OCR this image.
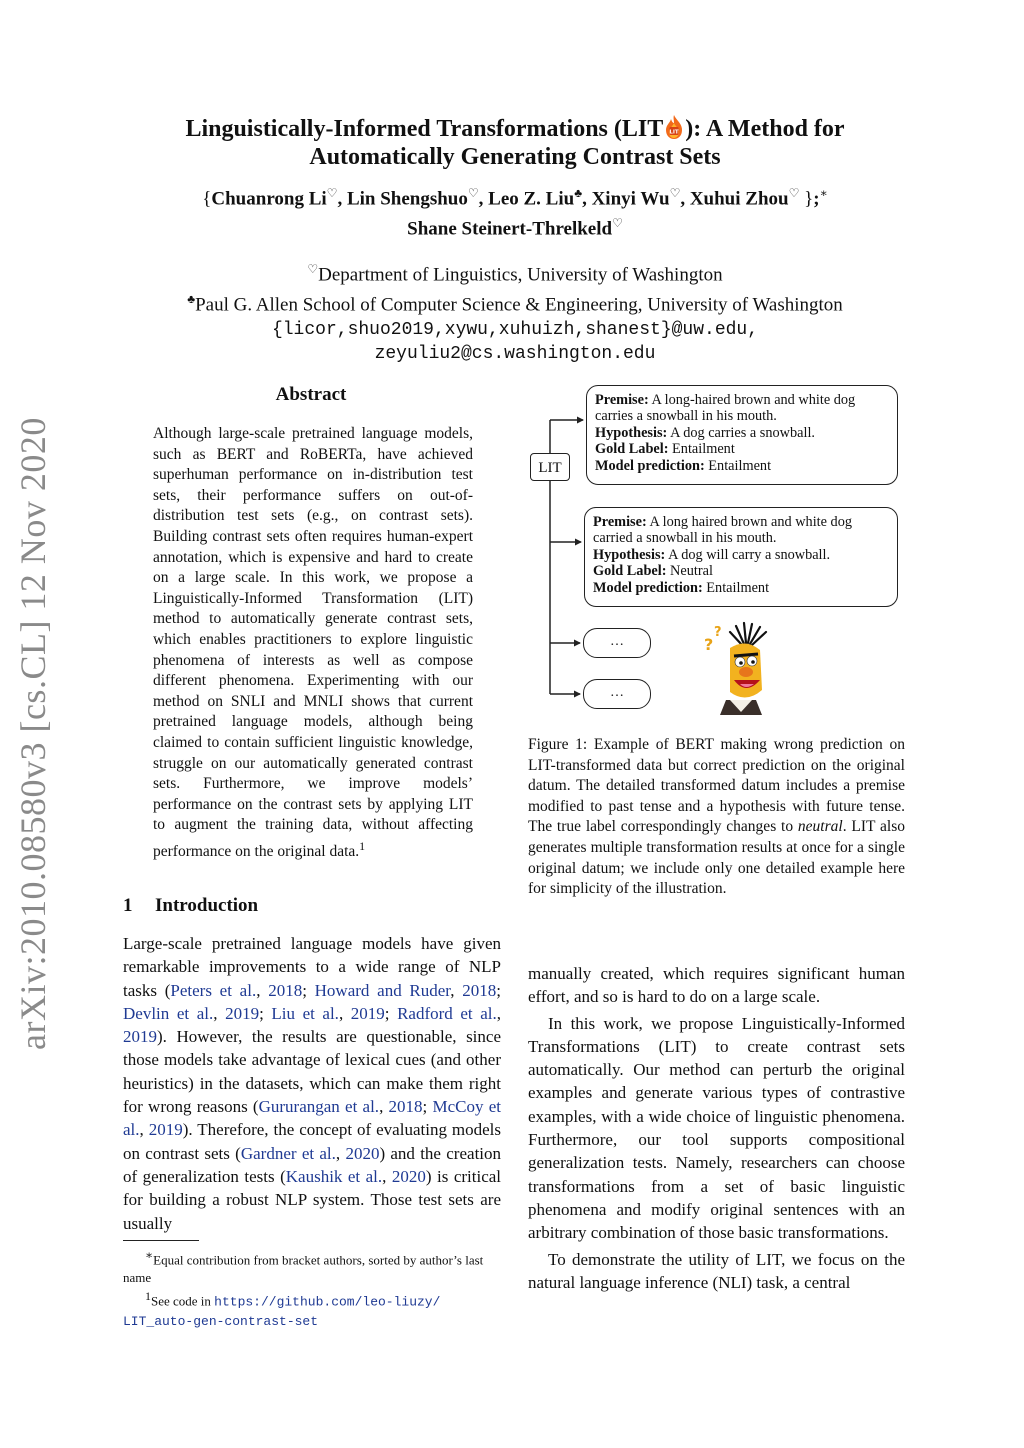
arXiv:2010.08580v3 [cs.CL] 12 Nov 2020
Linguistically-Informed Transformations (LIT LIT ): A Method for
Automatically Generating Contrast Sets
{Chuanrong Li♡, Lin Shengshuo♡, Leo Z. Liu♣, Xinyi Wu♡, Xuhui Zhou♡ };∗
Shane Steinert-Threlkeld♡
♡Department of Linguistics, University of Washington
♣Paul G. Allen School of Computer Science & Engineering, University of Washington
{licor,shuo2019,xywu,xuhuizh,shanest}@uw.edu,
zeyuliu2@cs.washington.edu
Abstract
Although large-scale pretrained language models, such as BERT and RoBERTa, have achieved superhuman performance on in-distribution test sets, their performance suffers on out-of-distribution test sets (e.g., on contrast sets). Building contrast sets often requires human-expert annotation, which is expensive and hard to create on a large scale. In this work, we propose a Linguistically-Informed Transformation (LIT) method to automatically generate contrast sets, which enables practitioners to explore linguistic phenomena of interests as well as compose different phenomena. Experimenting with our method on SNLI and MNLI shows that current pretrained language models, although being claimed to contain sufficient linguistic knowledge, struggle on our automatically generated contrast sets. Furthermore, we improve models’ performance on the contrast sets by applying LIT to augment the training data, without affecting performance on the original data.$^1$
1 Introduction
Large-scale pretrained language models have given remarkable improvements to a wide range of NLP tasks (Peters et al., 2018; Howard and Ruder, 2018; Devlin et al., 2019; Liu et al., 2019; Radford et al., 2019). However, the results are questionable, since those models take advantage of lexical cues (and other heuristics) in the datasets, which can make them right for wrong reasons (Gururangan et al., 2018; McCoy et al., 2019). Therefore, the concept of evaluating models on contrast sets (Gardner et al., 2020) and the creation of generalization tests (Kaushik et al., 2020) is critical for building a robust NLP system. Those test sets are usually
∗Equal contribution from bracket authors, sorted by author’s last name
1See code in https://github.com/leo-liuzy/
LIT_auto-gen-contrast-set
LIT
Premise: A long-haired brown and white dog carries a snowball in his mouth.
Hypothesis: A dog carries a snowball.
Gold Label: Entailment
Model prediction: Entailment
Premise: A long haired brown and white dog carried a snowball in his mouth.
Hypothesis: A dog will carry a snowball.
Gold Label: Neutral
Model prediction: Entailment
…
…
?
?
Figure 1: Example of BERT making wrong prediction on LIT-transformed data but correct prediction on the original datum. The detailed transformed datum includes a premise modified to past tense and a hypothesis with future tense. The true label correspondingly changes to neutral. LIT also generates multiple transformation results at once for a single original datum; we include only one detailed example here for simplicity of the illustration.

manually created, which requires significant human effort, and so is hard to do on a large scale.

In this work, we propose Linguistically-Informed Transformations (LIT) to create contrast sets automatically. Our method can perturb the original examples and generate various types of contrastive examples, with a wide choice of linguistic phenomena. Furthermore, our tool supports compositional generalization tests. Namely, researchers can choose transformations from a set of basic linguistic phenomena and modify original sentences with an arbitrary combination of those basic transformations.

To demonstrate the utility of LIT, we focus on the natural language inference (NLI) task, a central
